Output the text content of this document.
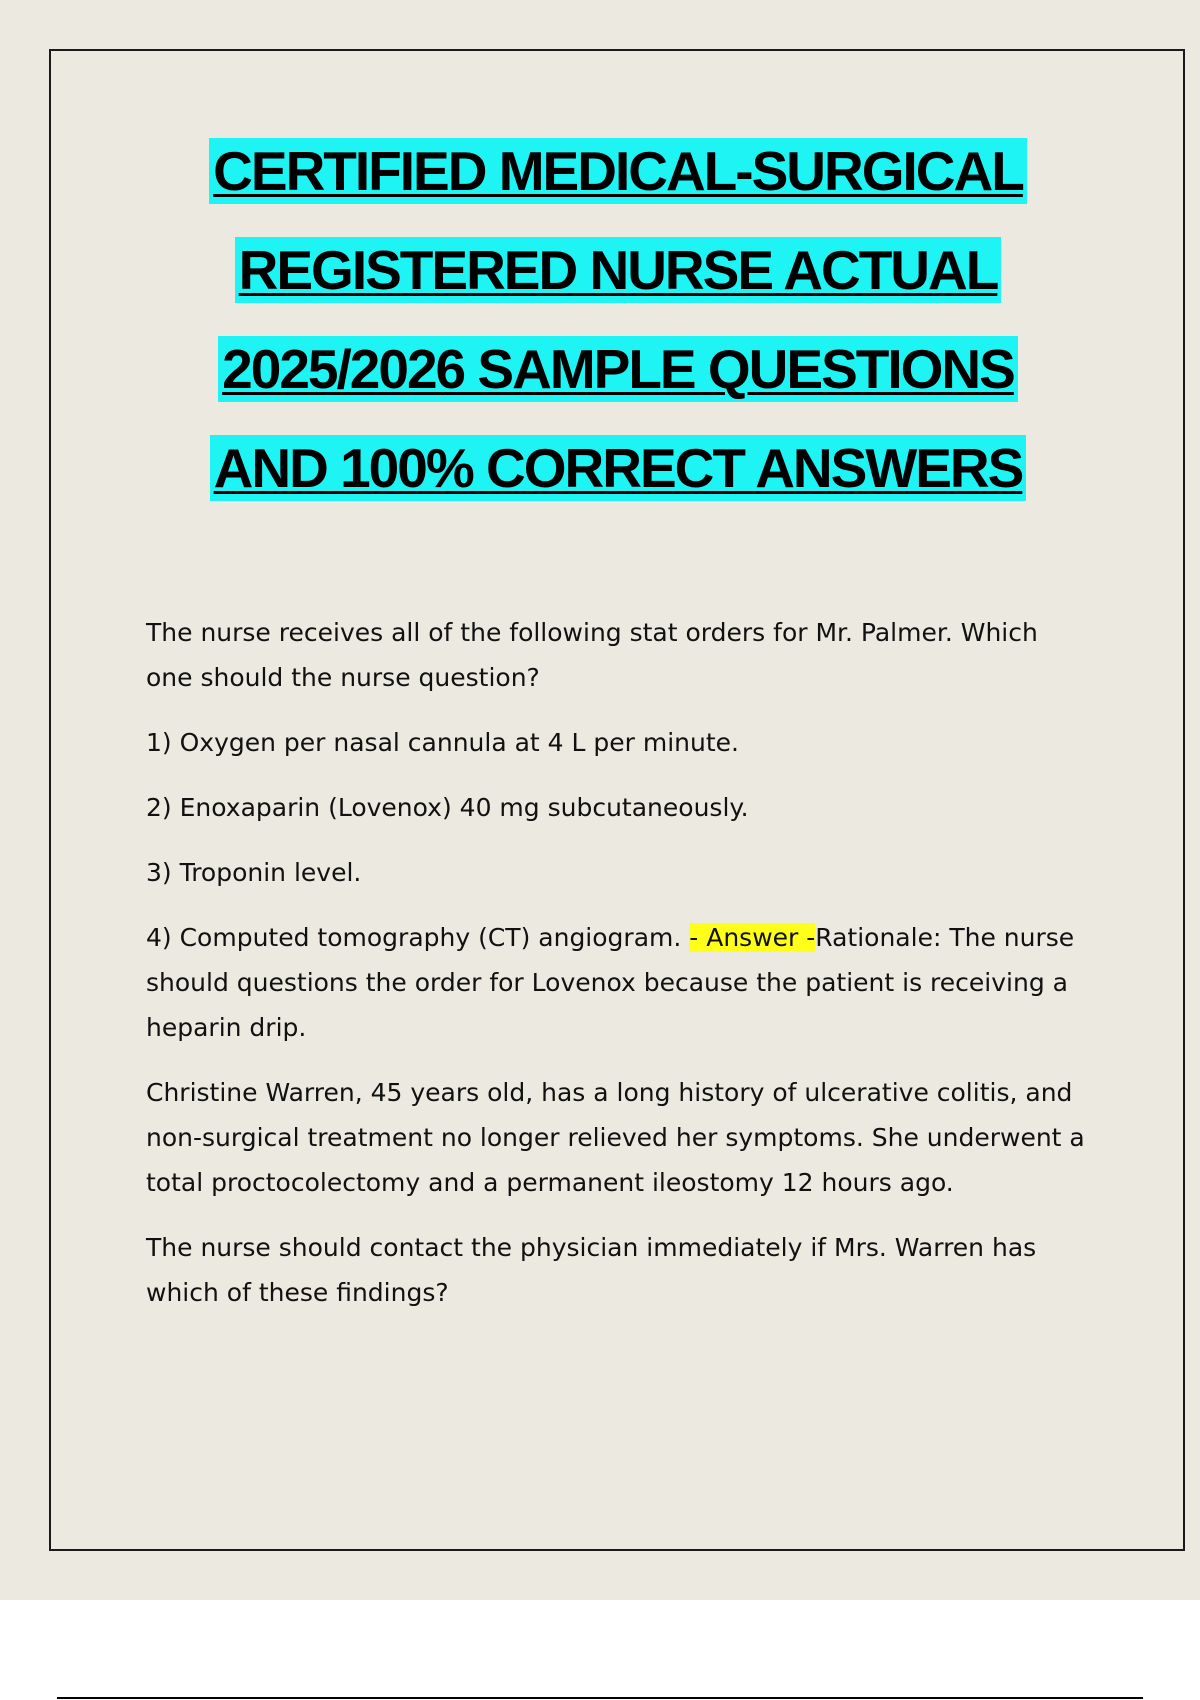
CERTIFIED MEDICAL-SURGICAL
REGISTERED NURSE ACTUAL
2025/2026 SAMPLE QUESTIONS
AND 100% CORRECT ANSWERS

The nurse receives all of the following stat orders for Mr. Palmer. Which one should the nurse question?

1) Oxygen per nasal cannula at 4 L per minute.

2) Enoxaparin (Lovenox) 40 mg subcutaneously.

3) Troponin level.

4) Computed tomography (CT) angiogram. - Answer -Rationale: The nurse should questions the order for Lovenox because the patient is receiving a heparin drip.

Christine Warren, 45 years old, has a long history of ulcerative colitis, and non-surgical treatment no longer relieved her symptoms. She underwent a total proctocolectomy and a permanent ileostomy 12 hours ago.

The nurse should contact the physician immediately if Mrs. Warren has which of these findings?
